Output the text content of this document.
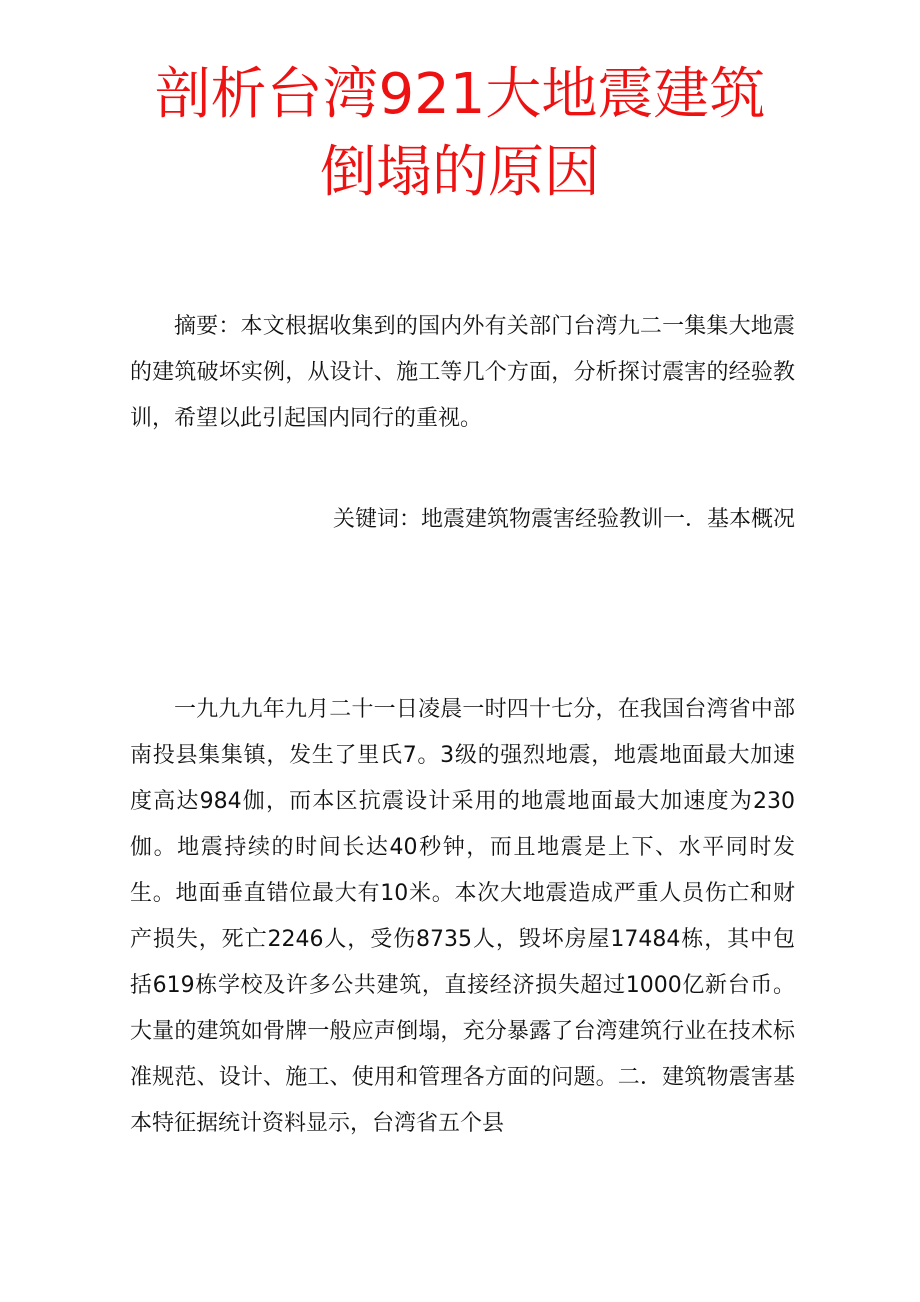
剖析台湾921大地震建筑
倒塌的原因

摘要：本文根据收集到的国内外有关部门台湾九二一集集大地震的建筑破坏实例，从设计、施工等几个方面，分析探讨震害的经验教训，希望以此引起国内同行的重视。

关键词：地震建筑物震害经验教训一．基本概况

一九九九年九月二十一日凌晨一时四十七分，在我国台湾省中部南投县集集镇，发生了里氏7。3级的强烈地震，地震地面最大加速度高达984伽，而本区抗震设计采用的地震地面最大加速度为230伽。地震持续的时间长达40秒钟，而且地震是上下、水平同时发生。地面垂直错位最大有10米。本次大地震造成严重人员伤亡和财产损失，死亡2246人，受伤8735人，毁坏房屋17484栋，其中包括619栋学校及许多公共建筑，直接经济损失超过1000亿新台币。大量的建筑如骨牌一般应声倒塌，充分暴露了台湾建筑行业在技术标准规范、设计、施工、使用和管理各方面的问题。二．建筑物震害基本特征据统计资料显示，台湾省五个县
